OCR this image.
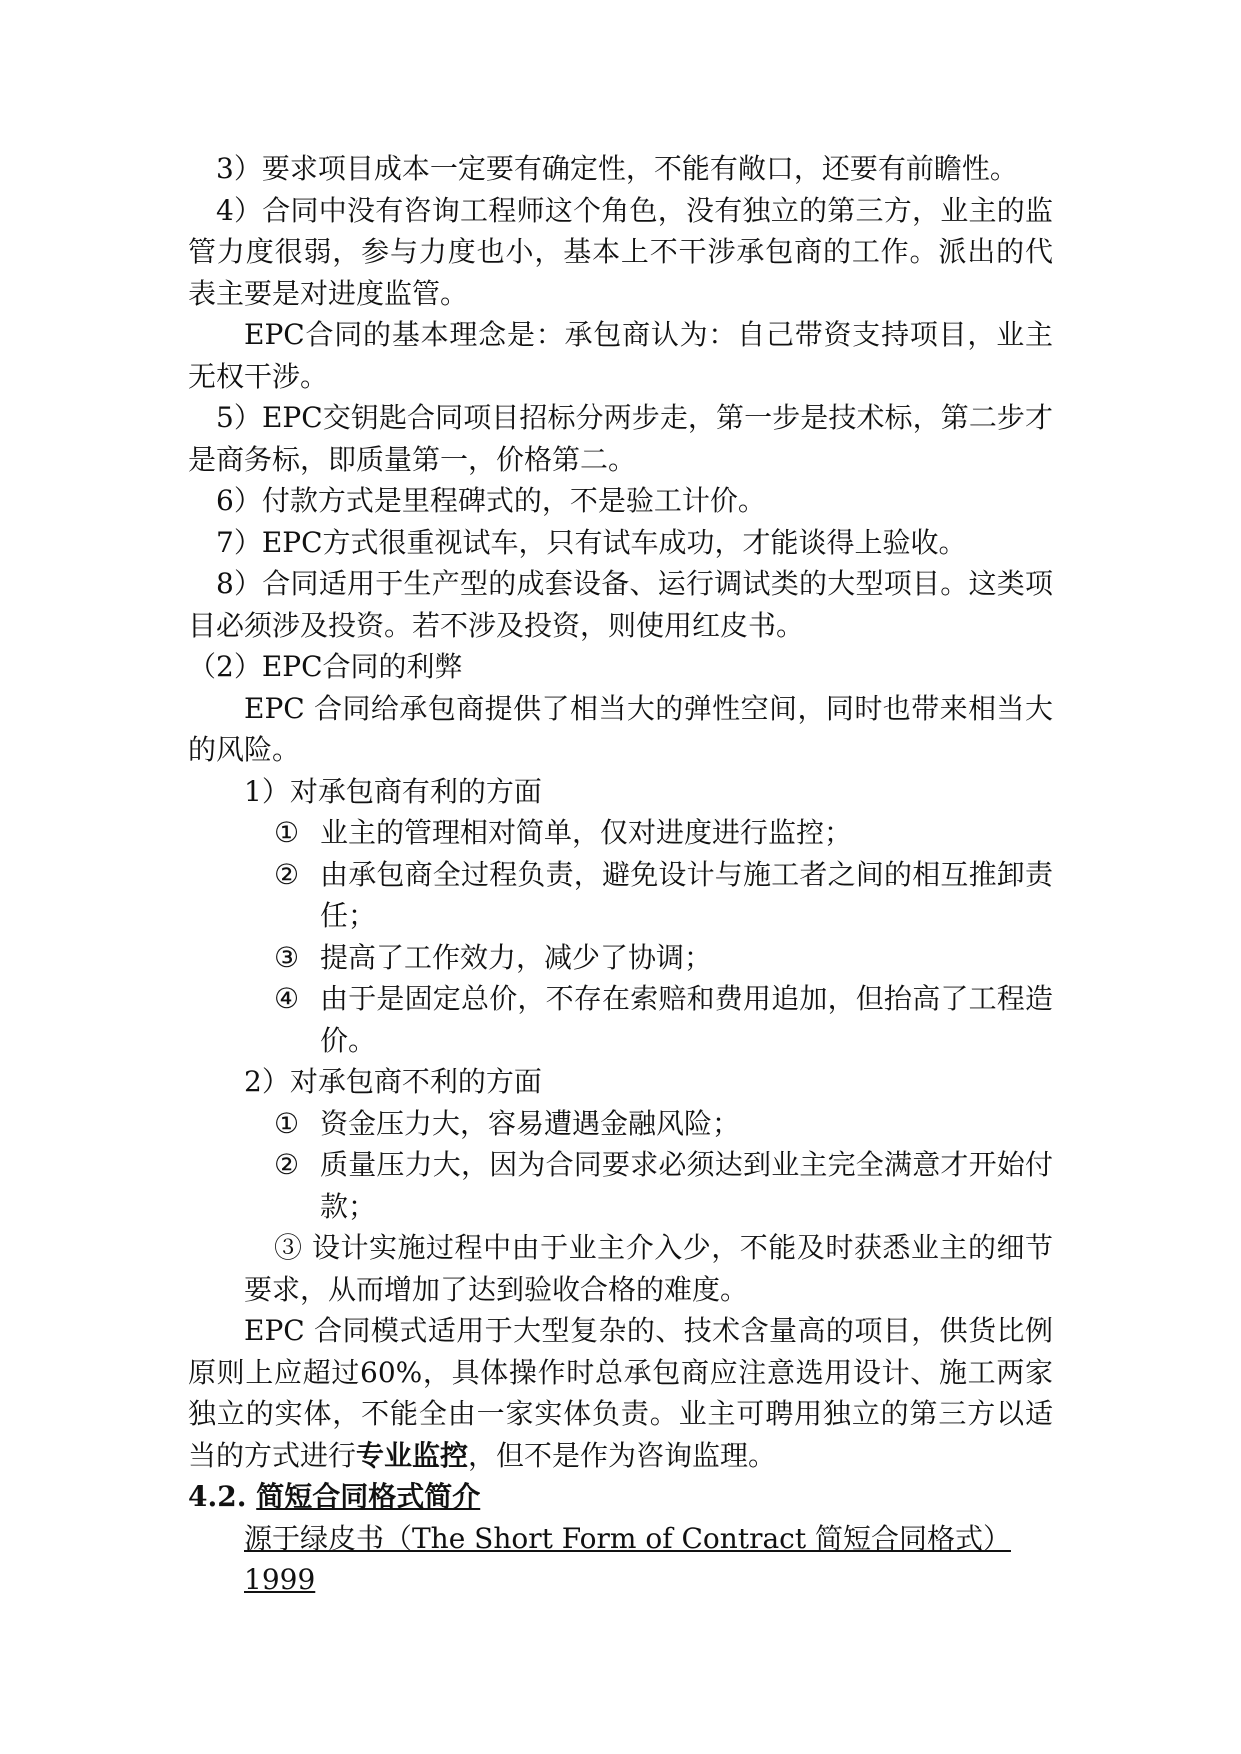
3）要求项目成本一定要有确定性，不能有敞口，还要有前瞻性。

4）合同中没有咨询工程师这个角色，没有独立的第三方，业主的监管力度很弱，参与力度也小，基本上不干涉承包商的工作。派出的代表主要是对进度监管。

EPC合同的基本理念是：承包商认为：自己带资支持项目，业主无权干涉。

5）EPC交钥匙合同项目招标分两步走，第一步是技术标，第二步才是商务标，即质量第一，价格第二。

6）付款方式是里程碑式的，不是验工计价。

7）EPC方式很重视试车，只有试车成功，才能谈得上验收。

8）合同适用于生产型的成套设备、运行调试类的大型项目。这类项目必须涉及投资。若不涉及投资，则使用红皮书。

（2）EPC合同的利弊

EPC 合同给承包商提供了相当大的弹性空间，同时也带来相当大的风险。

1）对承包商有利的方面

① 业主的管理相对简单，仅对进度进行监控；
② 由承包商全过程负责，避免设计与施工者之间的相互推卸责任；
③ 提高了工作效力，减少了协调；
④ 由于是固定总价，不存在索赔和费用追加，但抬高了工程造价。

2）对承包商不利的方面

① 资金压力大，容易遭遇金融风险；
② 质量压力大，因为合同要求必须达到业主完全满意才开始付款；

③ 设计实施过程中由于业主介入少，不能及时获悉业主的细节要求，从而增加了达到验收合格的难度。

EPC 合同模式适用于大型复杂的、技术含量高的项目，供货比例原则上应超过60%，具体操作时总承包商应注意选用设计、施工两家独立的实体，不能全由一家实体负责。业主可聘用独立的第三方以适当的方式进行专业监控，但不是作为咨询监理。

4.2. 简短合同格式简介

源于绿皮书（The Short Form of Contract 简短合同格式）1999
